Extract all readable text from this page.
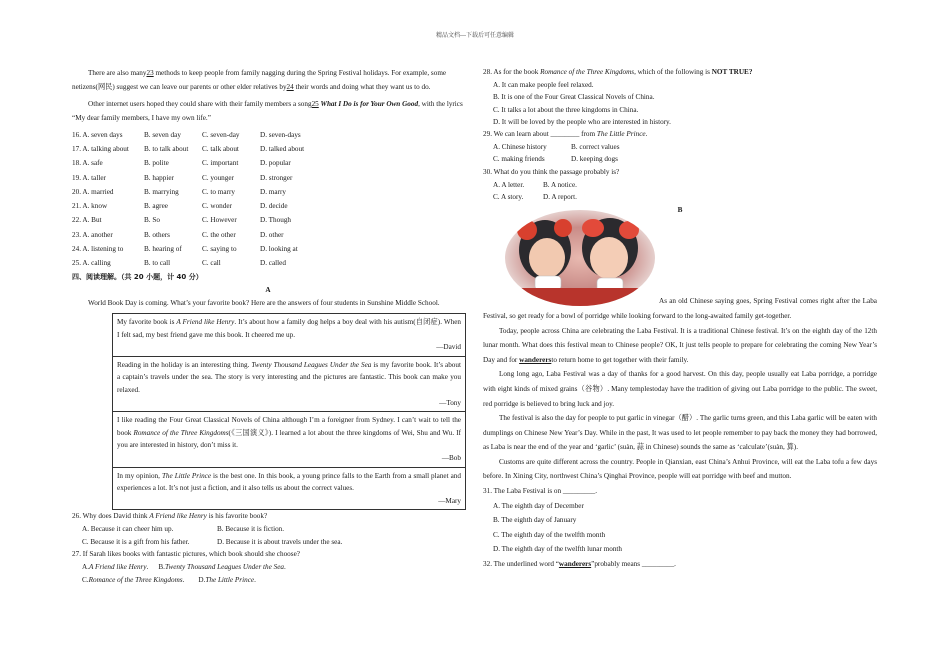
精品文档---下载后可任意编辑

There are also many23 methods to keep people from family nagging during the Spring Festival holidays. For example, some netizens(网民) suggest we can leave our parents or other elder relatives by24 their words and doing what they want us to do.

Other internet users hoped they could share with their family members a song25 What I Do is for Your Own Good, with the lyrics “My dear family members, I have my own life.”

16. A. seven days	B. seven day	C. seven-day	D. seven-days
17. A. talking about	B. to talk about	C. talk about	D. talked about
18. A. safe	B. polite	C. important	D. popular
19. A. taller	B. happier	C. younger	D. stronger
20. A. married	B. marrying	C. to marry	D. marry
21. A. know	B. agree	C. wonder	D. decide
22. A. But	B. So	C. However	D. Though
23. A. another	B. others	C. the other	D. other
24. A. listening to	B. hearing of	C. saying to	D. looking at
25. A. calling	B. to call	C. call	D. called
四、阅读理解。（共 20 小题，计 40 分）
A

World Book Day is coming. What’s your favorite book? Here are the answers of four students in Sunshine Middle School.

My favorite book is A Friend like Henry. It’s about how a family dog helps a boy deal with his autism(自闭症). When I felt sad, my best friend gave me this book. It cheered me up.
—David
Reading in the holiday is an interesting thing. Twenty Thousand Leagues Under the Sea is my favorite book. It’s about a captain’s travels under the sea. The story is very interesting and the pictures are fantastic. This book can make you relaxed.
—Tony
I like reading the Four Great Classical Novels of China although I’m a foreigner from Sydney. I can’t wait to tell the book Romance of the Three Kingdoms(《三国演义》). I learned a lot about the three kingdoms of Wei, Shu and Wu. If you are interested in history, don’t miss it.
—Bob
In my opinion, The Little Prince is the best one. In this book, a young prince falls to the Earth from a small planet and experiences a lot. It’s not just a fiction, and it also tells us about the correct values.
—Mary

26. Why does David think A Friend like Henry is his favorite book?

A. Because it can cheer him up.	B. Because it is fiction.
C. Because it is a gift from his father.	D. Because it is about travels under the sea.

27. If Sarah likes books with fantastic pictures, which book should she choose?

A.A Friend like Henry. B.Twenty Thousand Leagues Under the Sea.
C.Romance of the Three Kingdoms. D.The Little Prince.

28. As for the book Romance of the Three Kingdoms, which of the following is NOT TRUE?

A. It can make people feel relaxed.
B. It is one of the Four Great Classical Novels of China.
C. It talks a lot about the three kingdoms in China.
D. It will be loved by the people who are interested in history.

29. We can learn about ________ from The Little Prince.

A. Chinese history	B. correct values
C. making friends	D. keeping dogs

30. What do you think the passage probably is?

A. A letter.	B. A notice.
C. A story.	D. A report.
B

As an old Chinese saying goes, Spring Festival comes right after the Laba Festival, so get ready for a bowl of porridge while looking forward to the long-awaited family get-together.

Today, people across China are celebrating the Laba Festival. It is a traditional Chinese festival. It’s on the eighth day of the 12th lunar month. What does this festival mean to Chinese people? OK, It just tells people to prepare for celebrating the coming New Year’s Day and for wanderersto return home to get together with their family.

Long long ago, Laba Festival was a day of thanks for a good harvest. On this day, people usually eat Laba porridge, a porridge with eight kinds of mixed grains（谷物）. Many templestoday have the tradition of giving out Laba porridge to the public. The sweet, red porridge is believed to bring luck and joy.

The festival is also the day for people to put garlic in vinegar（醋）. The garlic turns green, and this Laba garlic will be eaten with dumplings on Chinese New Year’s Day. While in the past, It was used to let people remember to pay back the money they had borrowed, as Laba is near the end of the year and ‘garlic’ (suàn, 蒜 in Chinese) sounds the same as ‘calculate’(suàn, 算).

Customs are quite different across the country. People in Qianxian, east China’s Anhui Province, will eat the Laba tofu a few days before. In Xining City, northwest China’s Qinghai Province, people will eat porridge with beef and mutton.

31. The Laba Festival is on _________.

A. The eighth day of December
B. The eighth day of January
C. The eighth day of the twelfth month
D. The eighth day of the twelfth lunar month

32. The underlined word “wanderers”probably means _________.
